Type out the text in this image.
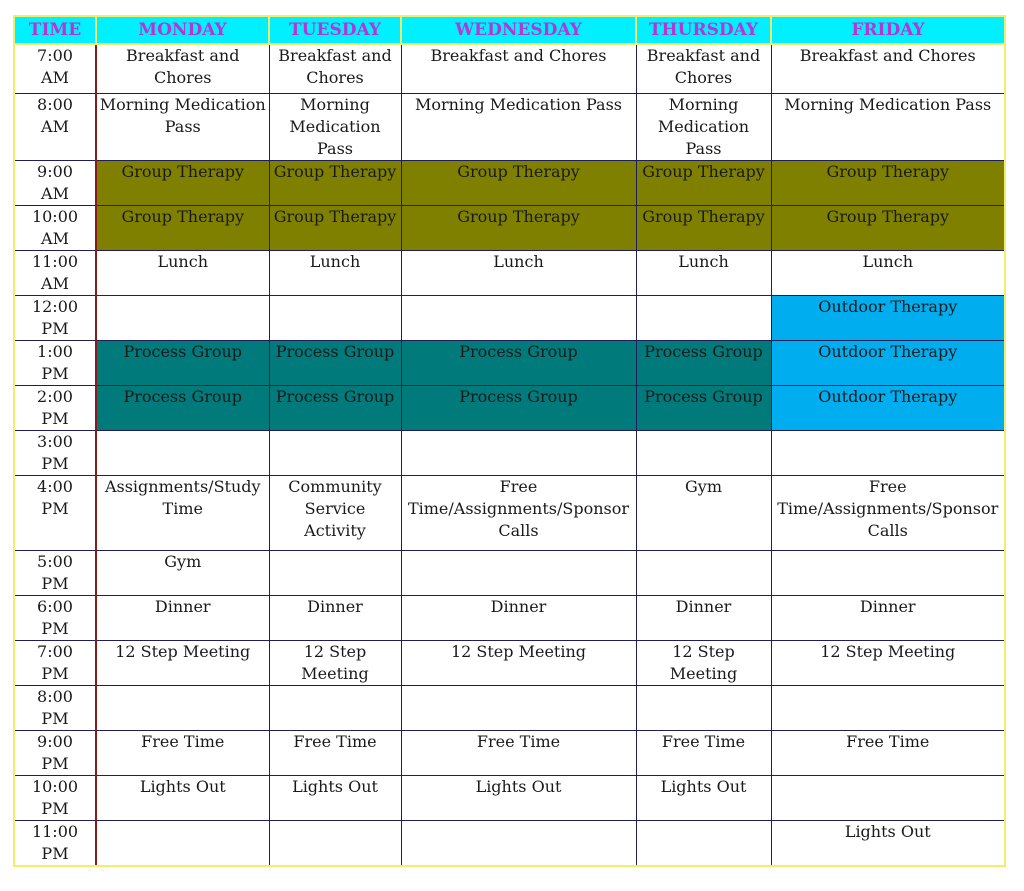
TIME	MONDAY	TUESDAY	WEDNESDAY	THURSDAY	FRIDAY

7:00
AM	Breakfast and Chores	Breakfast and Chores	Breakfast and Chores	Breakfast and Chores	Breakfast and Chores

8:00
AM	Morning Medication Pass	Morning Medication Pass	Morning Medication Pass	Morning Medication Pass	Morning Medication Pass

9:00
AM	Group Therapy	Group Therapy	Group Therapy	Group Therapy	Group Therapy

10:00
AM	Group Therapy	Group Therapy	Group Therapy	Group Therapy	Group Therapy

11:00
AM	Lunch	Lunch	Lunch	Lunch	Lunch

12:00
PM					Outdoor Therapy

1:00
PM	Process Group	Process Group	Process Group	Process Group	Outdoor Therapy

2:00
PM	Process Group	Process Group	Process Group	Process Group	Outdoor Therapy

3:00
PM					

4:00
PM	Assignments/Study Time	Community Service Activity	Free Time/Assignments/Sponsor Calls	Gym	Free Time/Assignments/Sponsor Calls

5:00
PM	Gym				

6:00
PM	Dinner	Dinner	Dinner	Dinner	Dinner

7:00
PM	12 Step Meeting	12 Step Meeting	12 Step Meeting	12 Step Meeting	12 Step Meeting

8:00
PM					

9:00
PM	Free Time	Free Time	Free Time	Free Time	Free Time

10:00
PM	Lights Out	Lights Out	Lights Out	Lights Out	

11:00
PM					Lights Out
